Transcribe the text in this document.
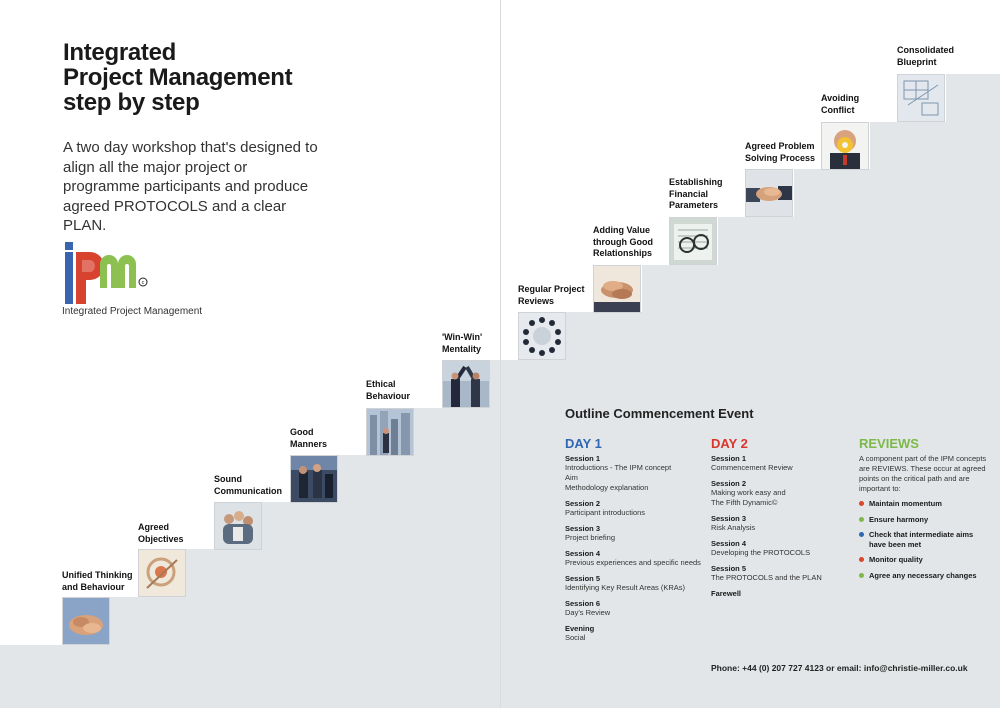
Integrated
Project Management
step by step
A two day workshop that's designed to align all the major project or programme participants and produce agreed PROTOCOLS and a clear PLAN.
c
Integrated Project Management
Unified Thinking and Behaviour
Agreed Objectives
Sound Communication
Good Manners
Ethical Behaviour
'Win-Win' Mentality
Regular Project Reviews
Adding Value through Good Relationships
Establishing Financial Parameters
Agreed Problem Solving Process
Avoiding Conflict
Consolidated Blueprint
Outline Commencement Event
DAY 1
Session 1
Introductions - The IPM concept
Aim
Methodology explanation
Session 2
Participant introductions
Session 3
Project briefing
Session 4
Previous experiences and specific needs
Session 5
Identifying Key Result Areas (KRAs)
Session 6
Day's Review
Evening
Social
DAY 2
Session 1
Commencement Review
Session 2
Making work easy and
The Fifth Dynamic©
Session 3
Risk Analysis
Session 4
Developing the PROTOCOLS
Session 5
The PROTOCOLS and the PLAN
Farewell
REVIEWS
A component part of the IPM concepts are REVIEWS. These occur at agreed points on the critical path and are important to:
Maintain momentum
Ensure harmony
Check that intermediate aims have been met
Monitor quality
Agree any necessary changes
Phone: +44 (0) 207 727 4123 or email: info@christie-miller.co.uk
